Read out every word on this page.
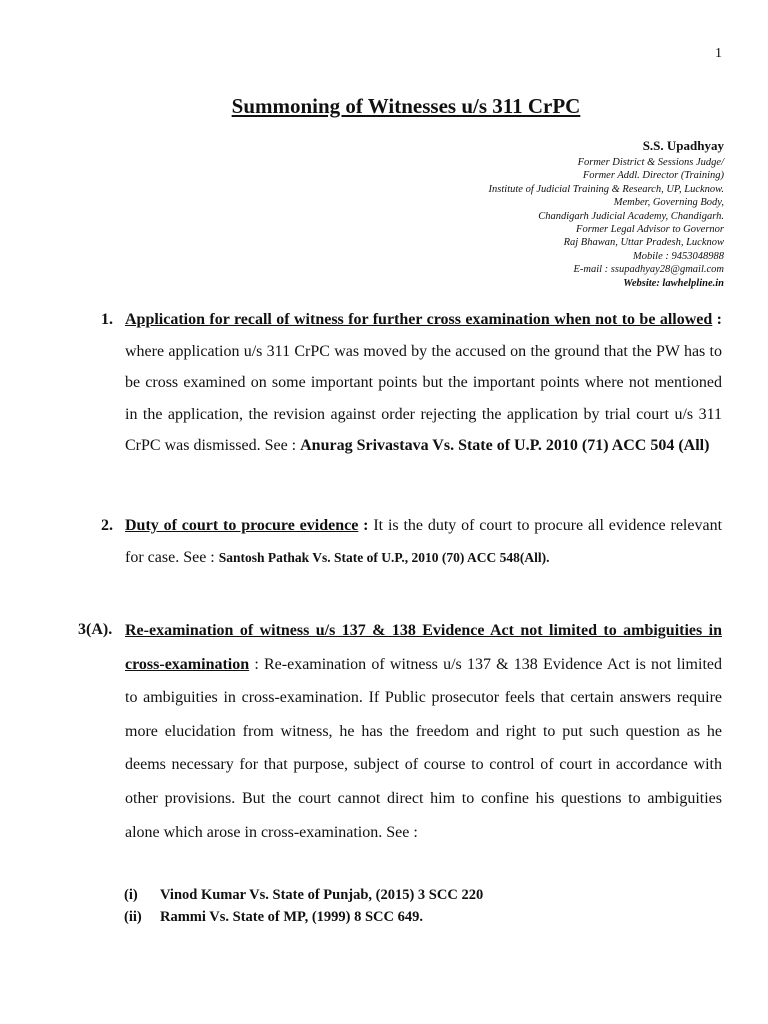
1
Summoning of Witnesses u/s 311 CrPC
S.S. Upadhyay
Former District & Sessions Judge/
Former Addl. Director (Training)
Institute of Judicial Training & Research, UP, Lucknow.
Member, Governing Body,
Chandigarh Judicial Academy, Chandigarh.
Former Legal Advisor to Governor
Raj Bhawan, Uttar Pradesh, Lucknow
Mobile : 9453048988
E-mail : ssupadhyay28@gmail.com
Website: lawhelpline.in
1. Application for recall of witness for further cross examination when not to be allowed : where application u/s 311 CrPC was moved by the accused on the ground that the PW has to be cross examined on some important points but the important points where not mentioned in the application, the revision against order rejecting the application by trial court u/s 311 CrPC was dismissed. See : Anurag Srivastava Vs. State of U.P. 2010 (71) ACC 504 (All)
2. Duty of court to procure evidence : It is the duty of court to procure all evidence relevant for case. See : Santosh Pathak Vs. State of U.P., 2010 (70) ACC 548(All).
3(A). Re-examination of witness u/s 137 & 138 Evidence Act not limited to ambiguities in cross-examination : Re-examination of witness u/s 137 & 138 Evidence Act is not limited to ambiguities in cross-examination. If Public prosecutor feels that certain answers require more elucidation from witness, he has the freedom and right to put such question as he deems necessary for that purpose, subject of course to control of court in accordance with other provisions. But the court cannot direct him to confine his questions to ambiguities alone which arose in cross-examination. See :
(i) Vinod Kumar Vs. State of Punjab, (2015) 3 SCC 220
(ii) Rammi Vs. State of MP, (1999) 8 SCC 649.
